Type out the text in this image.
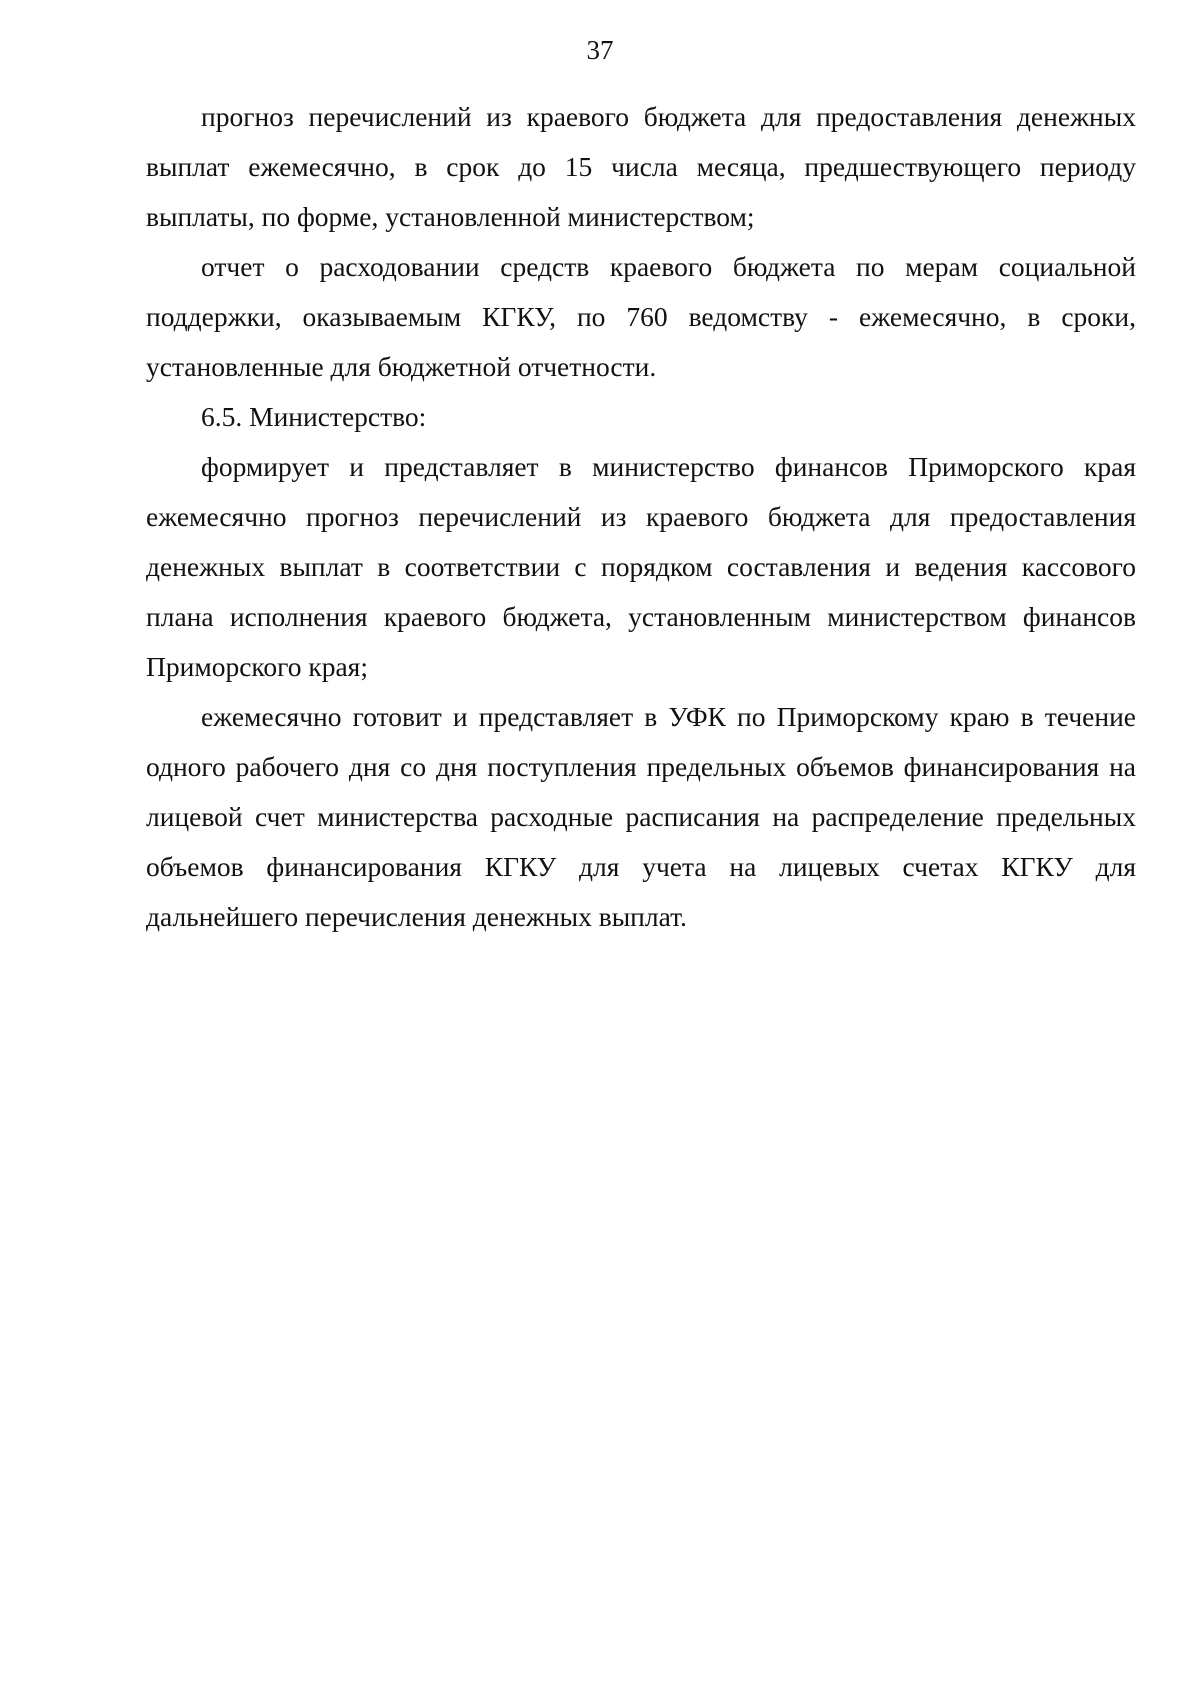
37

прогноз перечислений из краевого бюджета для предоставления денежных выплат ежемесячно, в срок до 15 числа месяца, предшествующего периоду выплаты, по форме, установленной министерством;

отчет о расходовании средств краевого бюджета по мерам социальной поддержки, оказываемым КГКУ, по 760 ведомству - ежемесячно, в сроки, установленные для бюджетной отчетности.

6.5. Министерство:

формирует и представляет в министерство финансов Приморского края ежемесячно прогноз перечислений из краевого бюджета для предоставления денежных выплат в соответствии с порядком составления и ведения кассового плана исполнения краевого бюджета, установленным министерством финансов Приморского края;

ежемесячно готовит и представляет в УФК по Приморскому краю в течение одного рабочего дня со дня поступления предельных объемов финансирования на лицевой счет министерства расходные расписания на распределение предельных объемов финансирования КГКУ для учета на лицевых счетах КГКУ для дальнейшего перечисления денежных выплат.
